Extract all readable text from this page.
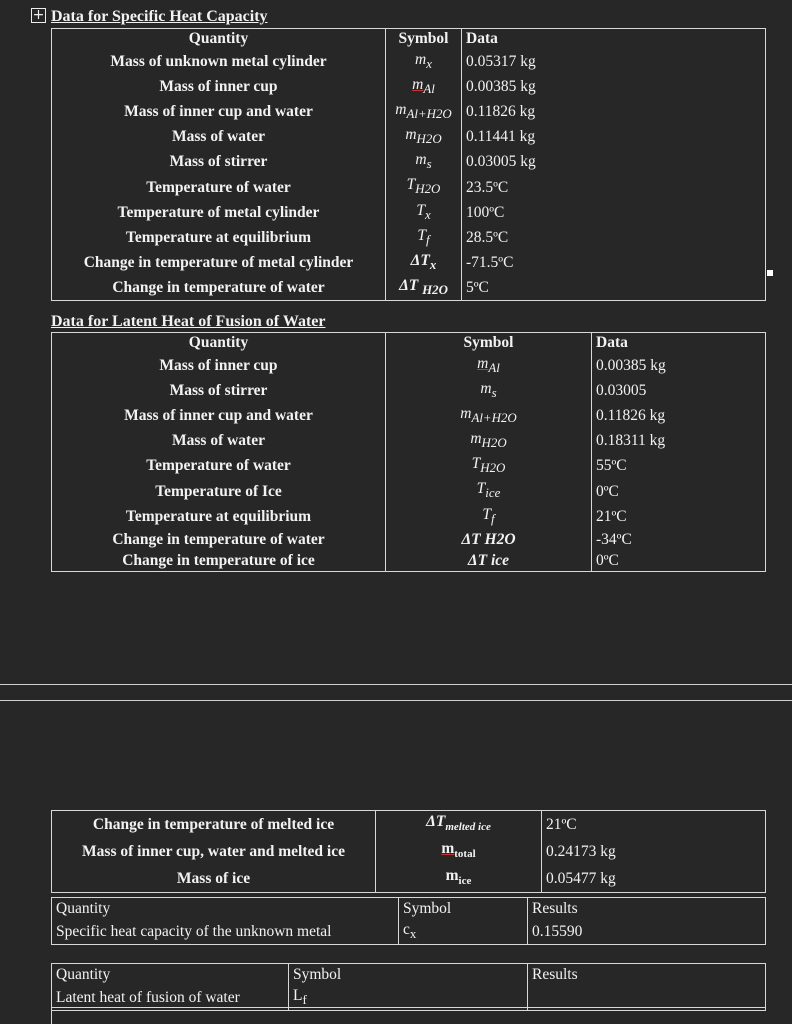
+ Data for Specific Heat Capacity
Quantity	Symbol	Data
Mass of unknown metal cylinder	$m_x$	0.05317 kg
Mass of inner cup	$m_{Al}$	0.00385 kg
Mass of inner cup and water	$m_{Al+H2O}$	0.11826 kg
Mass of water	$m_{H2O}$	0.11441 kg
Mass of stirrer	$m_s$	0.03005 kg
Temperature of water	$T_{H2O}$	23.5ºC
Temperature of metal cylinder	$T_x$	100ºC
Temperature at equilibrium	$T_f$	28.5ºC
Change in temperature of metal cylinder	$\Delta T_x$	-71.5ºC
Change in temperature of water	ΔT $_{H2O}$	5ºC
Data for Latent Heat of Fusion of Water
Quantity	Symbol	Data
Mass of inner cup	$m_{Al}$	0.00385 kg
Mass of stirrer	$m_s$	0.03005
Mass of inner cup and water	$m_{Al+H2O}$	0.11826 kg
Mass of water	$m_{H2O}$	0.18311 kg
Temperature of water	$T_{H2O}$	55ºC
Temperature of Ice	$T_{ice}$	0ºC
Temperature at equilibrium	$T_f$	21ºC
Change in temperature of water	ΔT H2O	-34ºC
Change in temperature of ice	ΔT ice	0ºC
Change in temperature of melted ice	$\Delta T_{melted ice}$	21ºC
Mass of inner cup, water and melted ice	$m_{total}$	0.24173 kg
Mass of ice	$m_{ice}$	0.05477 kg
Quantity	Symbol	Results
Specific heat capacity of the unknown metal	$c_x$	0.15590
Quantity	Symbol	Results
Latent heat of fusion of water	$L_f$	
